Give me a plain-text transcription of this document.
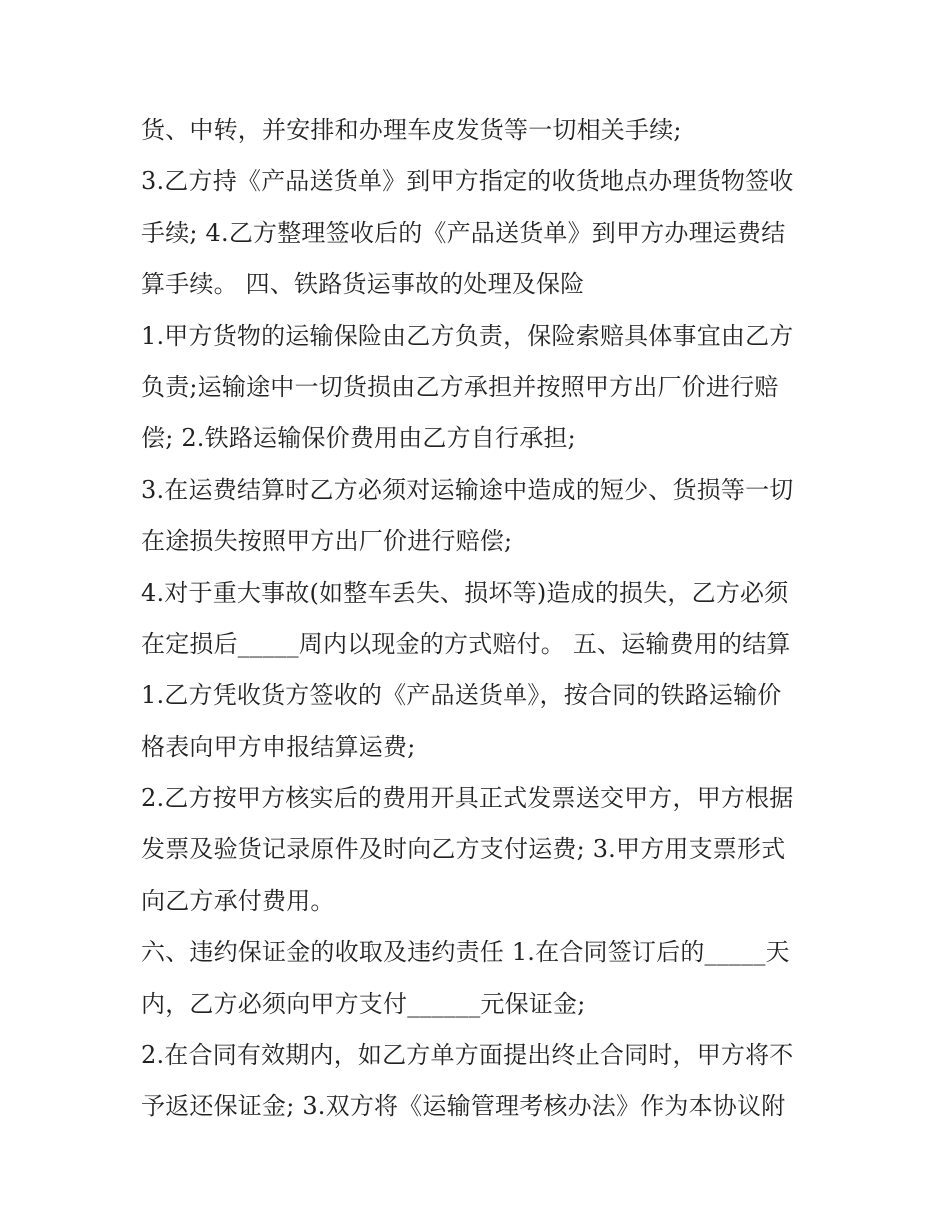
货、中转，并安排和办理车皮发货等一切相关手续;
3.乙方持《产品送货单》到甲方指定的收货地点办理货物签收
手续; 4.乙方整理签收后的《产品送货单》到甲方办理运费结
算手续。 四、铁路货运事故的处理及保险
1.甲方货物的运输保险由乙方负责，保险索赔具体事宜由乙方
负责;运输途中一切货损由乙方承担并按照甲方出厂价进行赔
偿; 2.铁路运输保价费用由乙方自行承担;
3.在运费结算时乙方必须对运输途中造成的短少、货损等一切
在途损失按照甲方出厂价进行赔偿;
4.对于重大事故(如整车丢失、损坏等)造成的损失，乙方必须
在定损后_____周内以现金的方式赔付。 五、运输费用的结算
1.乙方凭收货方签收的《产品送货单》，按合同的铁路运输价
格表向甲方申报结算运费;
2.乙方按甲方核实后的费用开具正式发票送交甲方，甲方根据
发票及验货记录原件及时向乙方支付运费; 3.甲方用支票形式
向乙方承付费用。
六、违约保证金的收取及违约责任 1.在合同签订后的_____天
内，乙方必须向甲方支付______元保证金;
2.在合同有效期内，如乙方单方面提出终止合同时，甲方将不
予返还保证金; 3.双方将《运输管理考核办法》作为本协议附
